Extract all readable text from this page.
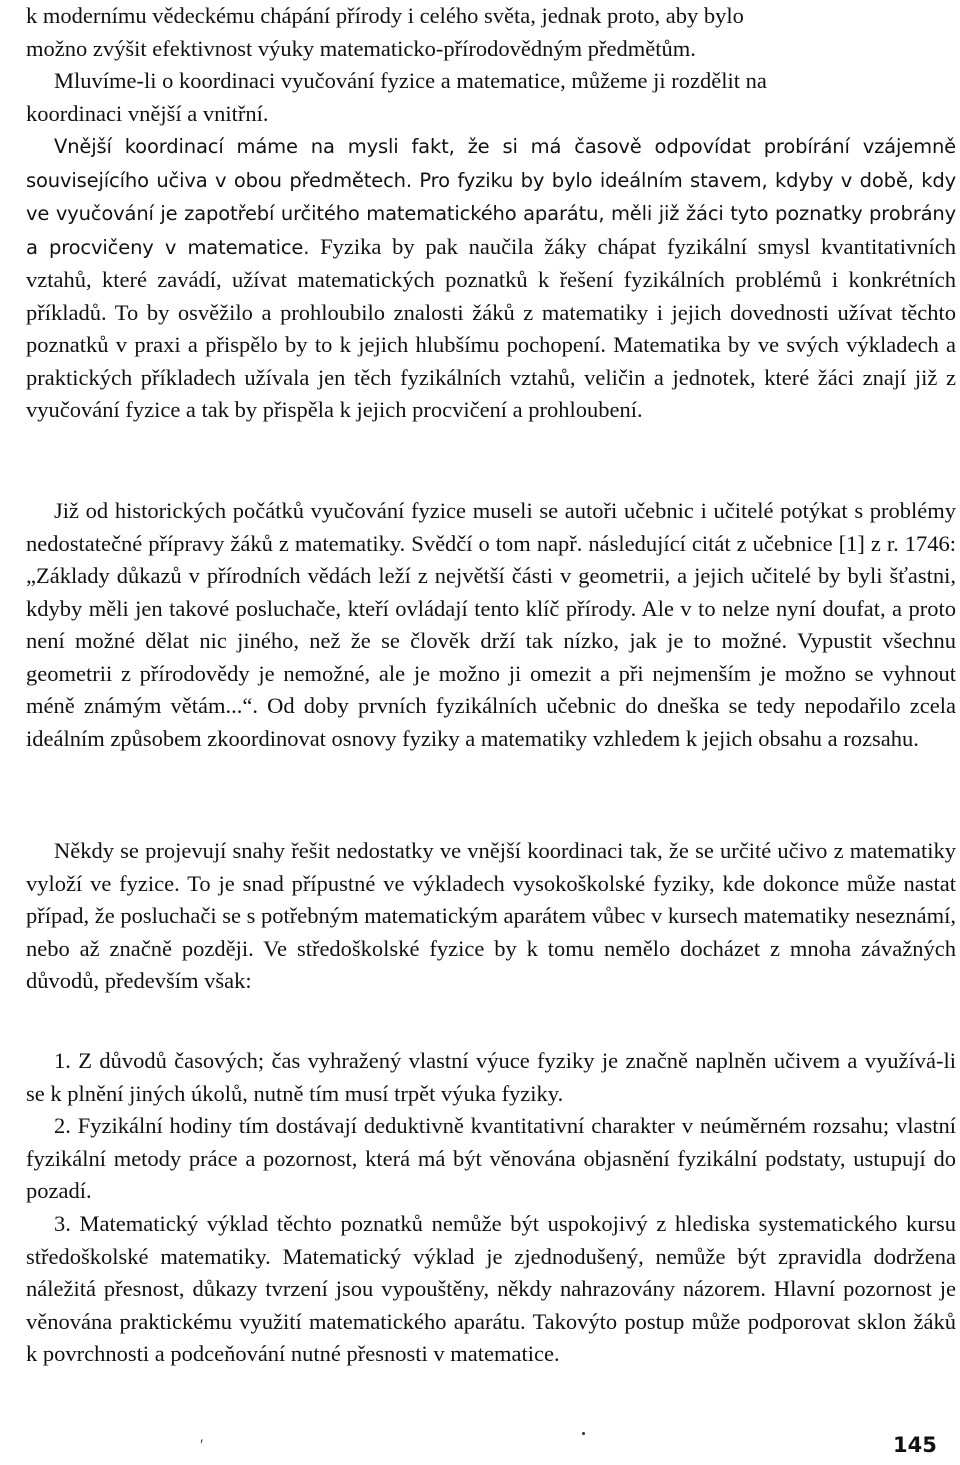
k modernímu vědeckému chápání přírody i celého světa, jednak proto, aby bylo
možno zvýšit efektivnost výuky matematicko-přírodovědným předmětům.

Mluvíme-li o koordinaci vyučování fyzice a matematice, můžeme ji rozdělit na
koordinaci vnější a vnitřní.

Vnější koordinací máme na mysli fakt, že si má časově odpovídat probírání vzájemně souvisejícího učiva v obou předmětech. Pro fyziku by bylo ideálním stavem, kdyby v době, kdy ve vyučování je zapotřebí určitého matematického aparátu, měli již žáci tyto poznatky probrány a procvičeny v matematice. Fyzika by pak naučila žáky chápat fyzikální smysl kvantitativních vztahů, které zavádí, užívat matematických poznatků k řešení fyzikálních problémů i konkrétních příkladů. To by osvěžilo a prohloubilo znalosti žáků z matematiky i jejich dovednosti užívat těchto poznatků v praxi a přispělo by to k jejich hlubšímu pochopení. Matematika by ve svých výkladech a praktických příkladech užívala jen těch fyzikálních vztahů, veličin a jednotek, které žáci znají již z vyučování fyzice a tak by přispěla k jejich procvičení a prohloubení.

Již od historických počátků vyučování fyzice museli se autoři učebnic i učitelé potýkat s problémy nedostatečné přípravy žáků z matematiky. Svědčí o tom např. následující citát z učebnice [1] z r. 1746: „Základy důkazů v přírodních vědách leží z největší části v geometrii, a jejich učitelé by byli šťastni, kdyby měli jen takové posluchače, kteří ovládají tento klíč přírody. Ale v to nelze nyní doufat, a proto není možné dělat nic jiného, než že se člověk drží tak nízko, jak je to možné. Vypustit všechnu geometrii z přírodovědy je nemožné, ale je možno ji omezit a při nejmenším je možno se vyhnout méně známým větám...“. Od doby prvních fyzikálních učebnic do dneška se tedy nepodařilo zcela ideálním způsobem zkoordinovat osnovy fyziky a matematiky vzhledem k jejich obsahu a rozsahu.

Někdy se projevují snahy řešit nedostatky ve vnější koordinaci tak, že se určité učivo z matematiky vyloží ve fyzice. To je snad přípustné ve výkladech vysokoškolské fyziky, kde dokonce může nastat případ, že posluchači se s potřebným matematickým aparátem vůbec v kursech matematiky neseznámí, nebo až značně později. Ve středoškolské fyzice by k tomu nemělo docházet z mnoha závažných důvodů, především však:

1. Z důvodů časových; čas vyhražený vlastní výuce fyziky je značně naplněn učivem a využívá-li se k plnění jiných úkolů, nutně tím musí trpět výuka fyziky.

2. Fyzikální hodiny tím dostávají deduktivně kvantitativní charakter v neúměrném rozsahu; vlastní fyzikální metody práce a pozornost, která má být věnována objasnění fyzikální podstaty, ustupují do pozadí.

3. Matematický výklad těchto poznatků nemůže být uspokojivý z hlediska systematického kursu středoškolské matematiky. Matematický výklad je zjednodušený, nemůže být zpravidla dodržena náležitá přesnost, důkazy tvrzení jsou vypouštěny, někdy nahrazovány názorem. Hlavní pozornost je věnována praktickému využití matematického aparátu. Takovýto postup může podporovat sklon žáků k povrchnosti a podceňování nutné přesnosti v matematice.

′	145
